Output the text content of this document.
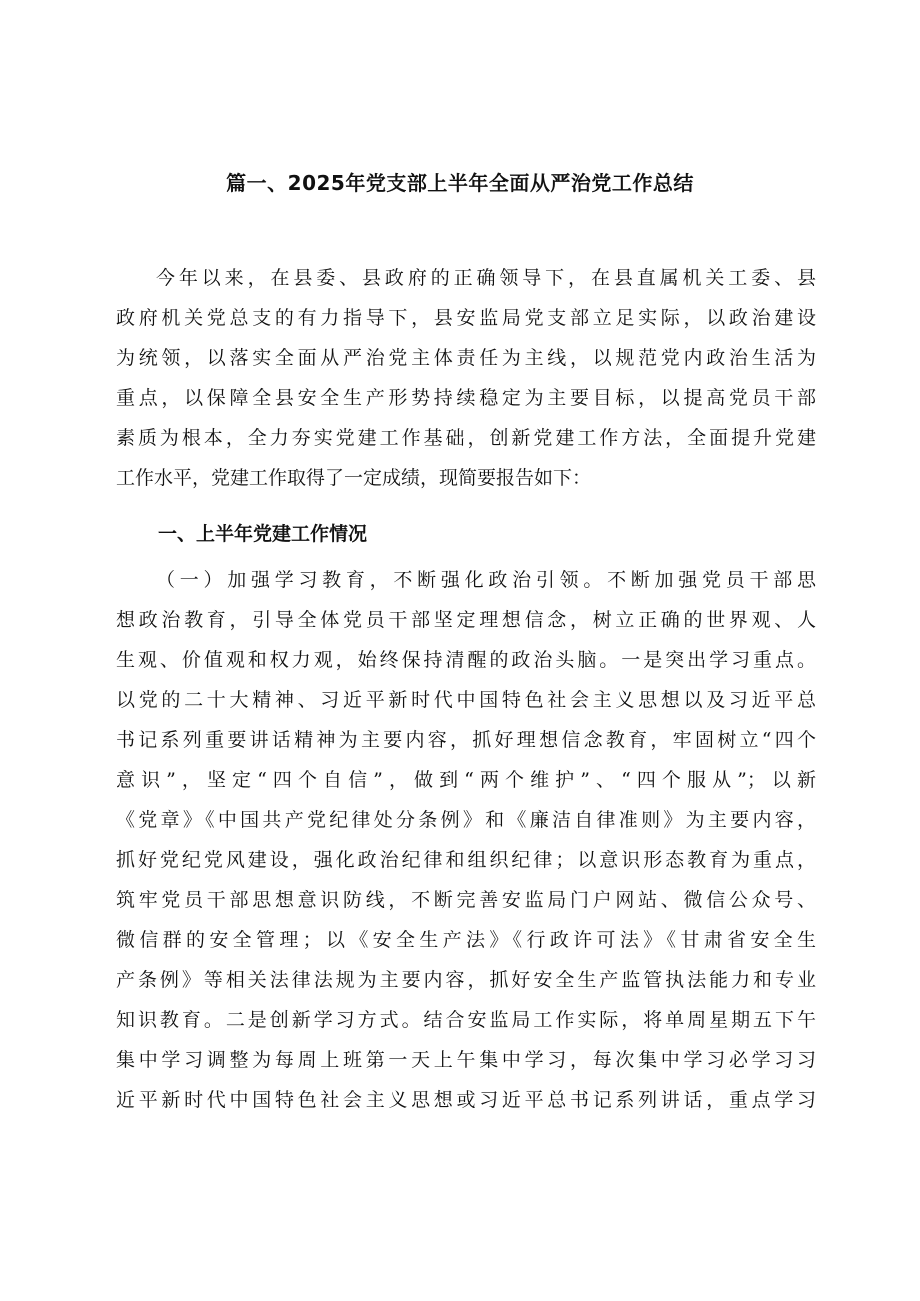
篇一、2025年党支部上半年全面从严治党工作总结
今年以来，在县委、县政府的正确领导下，在县直属机关工委、县
政府机关党总支的有力指导下，县安监局党支部立足实际，以政治建设
为统领，以落实全面从严治党主体责任为主线，以规范党内政治生活为
重点，以保障全县安全生产形势持续稳定为主要目标，以提高党员干部
素质为根本，全力夯实党建工作基础，创新党建工作方法，全面提升党建
工作水平，党建工作取得了一定成绩，现简要报告如下：
一、上半年党建工作情况
（一）加强学习教育，不断强化政治引领。不断加强党员干部思
想政治教育，引导全体党员干部坚定理想信念，树立正确的世界观、人
生观、价值观和权力观，始终保持清醒的政治头脑。一是突出学习重点。
以党的二十大精神、习近平新时代中国特色社会主义思想以及习近平总
书记系列重要讲话精神为主要内容，抓好理想信念教育，牢固树立“四个
意识”，坚定“四个自信”，做到“两个维护”、“四个服从”；以新
《党章》《中国共产党纪律处分条例》和《廉洁自律准则》为主要内容，
抓好党纪党风建设，强化政治纪律和组织纪律；以意识形态教育为重点，
筑牢党员干部思想意识防线，不断完善安监局门户网站、微信公众号、
微信群的安全管理；以《安全生产法》《行政许可法》《甘肃省安全生
产条例》等相关法律法规为主要内容，抓好安全生产监管执法能力和专业
知识教育。二是创新学习方式。结合安监局工作实际，将单周星期五下午
集中学习调整为每周上班第一天上午集中学习，每次集中学习必学习习
近平新时代中国特色社会主义思想或习近平总书记系列讲话，重点学习
